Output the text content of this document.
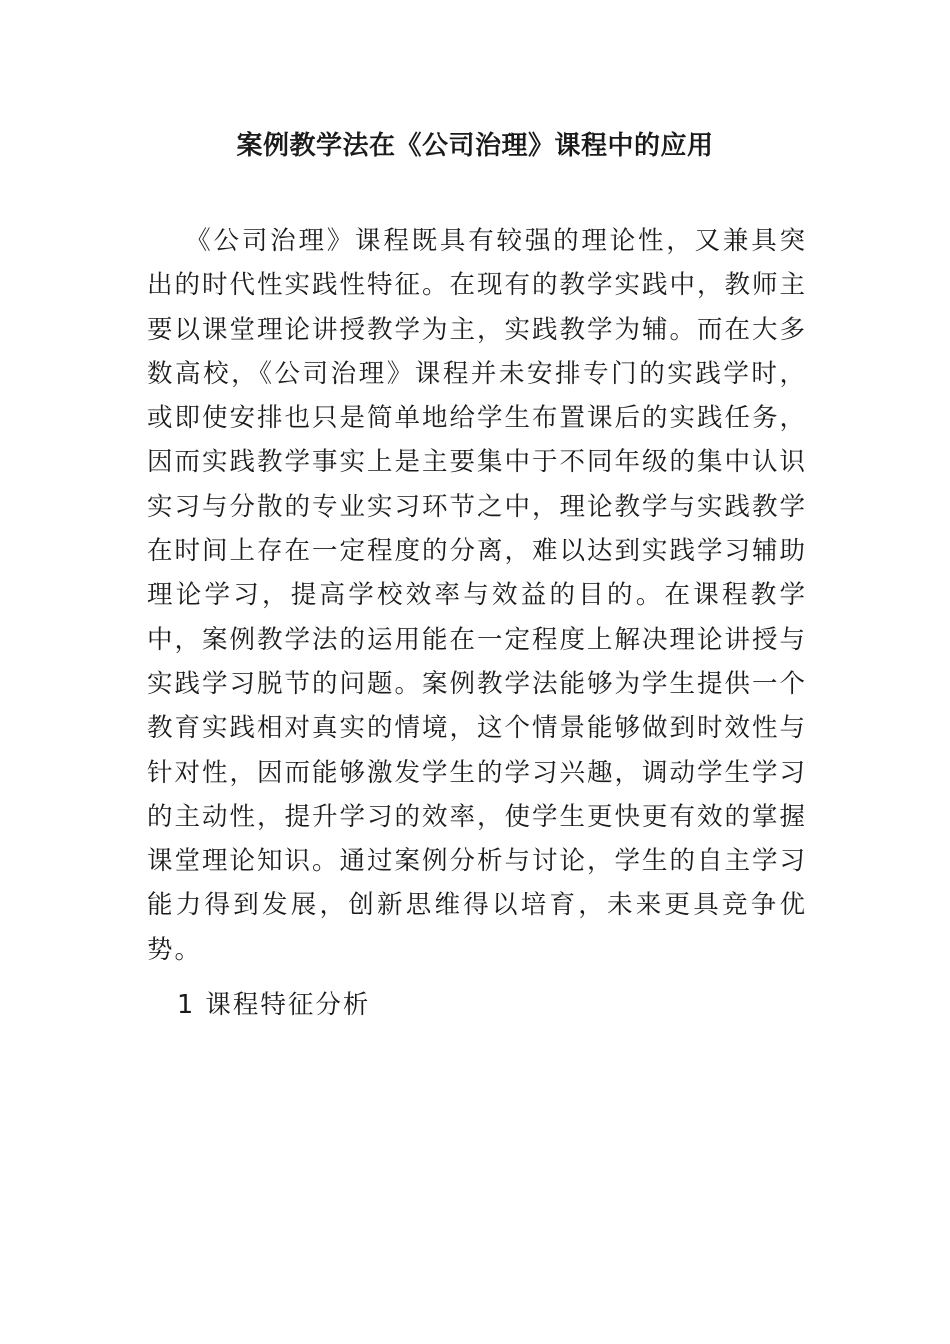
案例教学法在《公司治理》课程中的应用

《公司治理》课程既具有较强的理论性，又兼具突出的时代性实践性特征。在现有的教学实践中，教师主要以课堂理论讲授教学为主，实践教学为辅。而在大多数高校，《公司治理》课程并未安排专门的实践学时，或即使安排也只是简单地给学生布置课后的实践任务，因而实践教学事实上是主要集中于不同年级的集中认识实习与分散的专业实习环节之中，理论教学与实践教学在时间上存在一定程度的分离，难以达到实践学习辅助理论学习，提高学校效率与效益的目的。在课程教学中，案例教学法的运用能在一定程度上解决理论讲授与实践学习脱节的问题。案例教学法能够为学生提供一个教育实践相对真实的情境，这个情景能够做到时效性与针对性，因而能够激发学生的学习兴趣，调动学生学习的主动性，提升学习的效率，使学生更快更有效的掌握课堂理论知识。通过案例分析与讨论，学生的自主学习能力得到发展，创新思维得以培育，未来更具竞争优势。

1 课程特征分析
